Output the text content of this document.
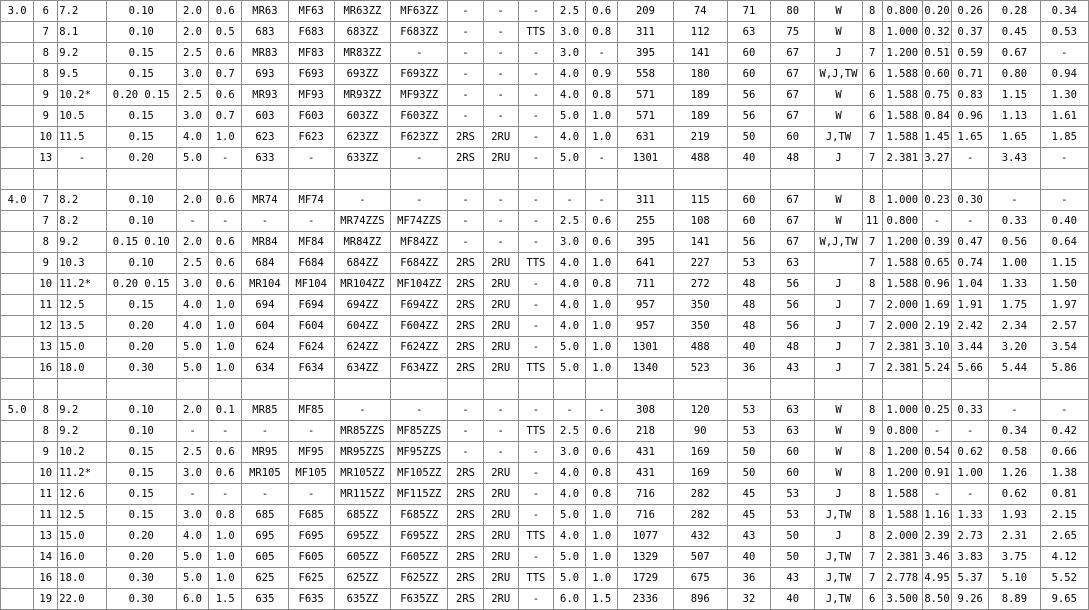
3.0	6	7.2	0.10	2.0	0.6	MR63	MF63	MR63ZZ	MF63ZZ	-	-	-	2.5	0.6	209	74	71	80	W	8	0.800	0.20	0.26	0.28	0.34
	7	8.1	0.10	2.0	0.5	683	F683	683ZZ	F683ZZ	-	-	TTS	3.0	0.8	311	112	63	75	W	8	1.000	0.32	0.37	0.45	0.53
	8	9.2	0.15	2.5	0.6	MR83	MF83	MR83ZZ	-	-	-	-	3.0	-	395	141	60	67	J	7	1.200	0.51	0.59	0.67	-
	8	9.5	0.15	3.0	0.7	693	F693	693ZZ	F693ZZ	-	-	-	4.0	0.9	558	180	60	67	W,J,TW	6	1.588	0.60	0.71	0.80	0.94
	9	10.2*	0.20 0.15	2.5	0.6	MR93	MF93	MR93ZZ	MF93ZZ	-	-	-	4.0	0.8	571	189	56	67	W	6	1.588	0.75	0.83	1.15	1.30
	9	10.5	0.15	3.0	0.7	603	F603	603ZZ	F603ZZ	-	-	-	5.0	1.0	571	189	56	67	W	6	1.588	0.84	0.96	1.13	1.61
	10	11.5	0.15	4.0	1.0	623	F623	623ZZ	F623ZZ	2RS	2RU	-	4.0	1.0	631	219	50	60	J,TW	7	1.588	1.45	1.65	1.65	1.85
	13	-	0.20	5.0	-	633	-	633ZZ	-	2RS	2RU	-	5.0	-	1301	488	40	48	J	7	2.381	3.27	-	3.43	-

4.0	7	8.2	0.10	2.0	0.6	MR74	MF74	-	-	-	-	-	-	-	311	115	60	67	W	8	1.000	0.23	0.30	-	-
	7	8.2	0.10	-	-	-	-	MR74ZZS	MF74ZZS	-	-	-	2.5	0.6	255	108	60	67	W	11	0.800	-	-	0.33	0.40
	8	9.2	0.15 0.10	2.0	0.6	MR84	MF84	MR84ZZ	MF84ZZ	-	-	-	3.0	0.6	395	141	56	67	W,J,TW	7	1.200	0.39	0.47	0.56	0.64
	9	10.3	0.10	2.5	0.6	684	F684	684ZZ	F684ZZ	2RS	2RU	TTS	4.0	1.0	641	227	53	63		7	1.588	0.65	0.74	1.00	1.15
	10	11.2*	0.20 0.15	3.0	0.6	MR104	MF104	MR104ZZ	MF104ZZ	2RS	2RU	-	4.0	0.8	711	272	48	56	J	8	1.588	0.96	1.04	1.33	1.50
	11	12.5	0.15	4.0	1.0	694	F694	694ZZ	F694ZZ	2RS	2RU	-	4.0	1.0	957	350	48	56	J	7	2.000	1.69	1.91	1.75	1.97
	12	13.5	0.20	4.0	1.0	604	F604	604ZZ	F604ZZ	2RS	2RU	-	4.0	1.0	957	350	48	56	J	7	2.000	2.19	2.42	2.34	2.57
	13	15.0	0.20	5.0	1.0	624	F624	624ZZ	F624ZZ	2RS	2RU	-	5.0	1.0	1301	488	40	48	J	7	2.381	3.10	3.44	3.20	3.54
	16	18.0	0.30	5.0	1.0	634	F634	634ZZ	F634ZZ	2RS	2RU	TTS	5.0	1.0	1340	523	36	43	J	7	2.381	5.24	5.66	5.44	5.86

5.0	8	9.2	0.10	2.0	0.1	MR85	MF85	-	-	-	-	-	-	-	308	120	53	63	W	8	1.000	0.25	0.33	-	-
	8	9.2	0.10	-	-	-	-	MR85ZZS	MF85ZZS	-	-	TTS	2.5	0.6	218	90	53	63	W	9	0.800	-	-	0.34	0.42
	9	10.2	0.15	2.5	0.6	MR95	MF95	MR95ZZS	MF95ZZS	-	-	-	3.0	0.6	431	169	50	60	W	8	1.200	0.54	0.62	0.58	0.66
	10	11.2*	0.15	3.0	0.6	MR105	MF105	MR105ZZ	MF105ZZ	2RS	2RU	-	4.0	0.8	431	169	50	60	W	8	1.200	0.91	1.00	1.26	1.38
	11	12.6	0.15	-	-	-	-	MR115ZZ	MF115ZZ	2RS	2RU	-	4.0	0.8	716	282	45	53	J	8	1.588	-	-	0.62	0.81
	11	12.5	0.15	3.0	0.8	685	F685	685ZZ	F685ZZ	2RS	2RU	-	5.0	1.0	716	282	45	53	J,TW	8	1.588	1.16	1.33	1.93	2.15
	13	15.0	0.20	4.0	1.0	695	F695	695ZZ	F695ZZ	2RS	2RU	TTS	4.0	1.0	1077	432	43	50	J	8	2.000	2.39	2.73	2.31	2.65
	14	16.0	0.20	5.0	1.0	605	F605	605ZZ	F605ZZ	2RS	2RU	-	5.0	1.0	1329	507	40	50	J,TW	7	2.381	3.46	3.83	3.75	4.12
	16	18.0	0.30	5.0	1.0	625	F625	625ZZ	F625ZZ	2RS	2RU	TTS	5.0	1.0	1729	675	36	43	J,TW	7	2.778	4.95	5.37	5.10	5.52
	19	22.0	0.30	6.0	1.5	635	F635	635ZZ	F635ZZ	2RS	2RU	-	6.0	1.5	2336	896	32	40	J,TW	6	3.500	8.50	9.26	8.89	9.65
